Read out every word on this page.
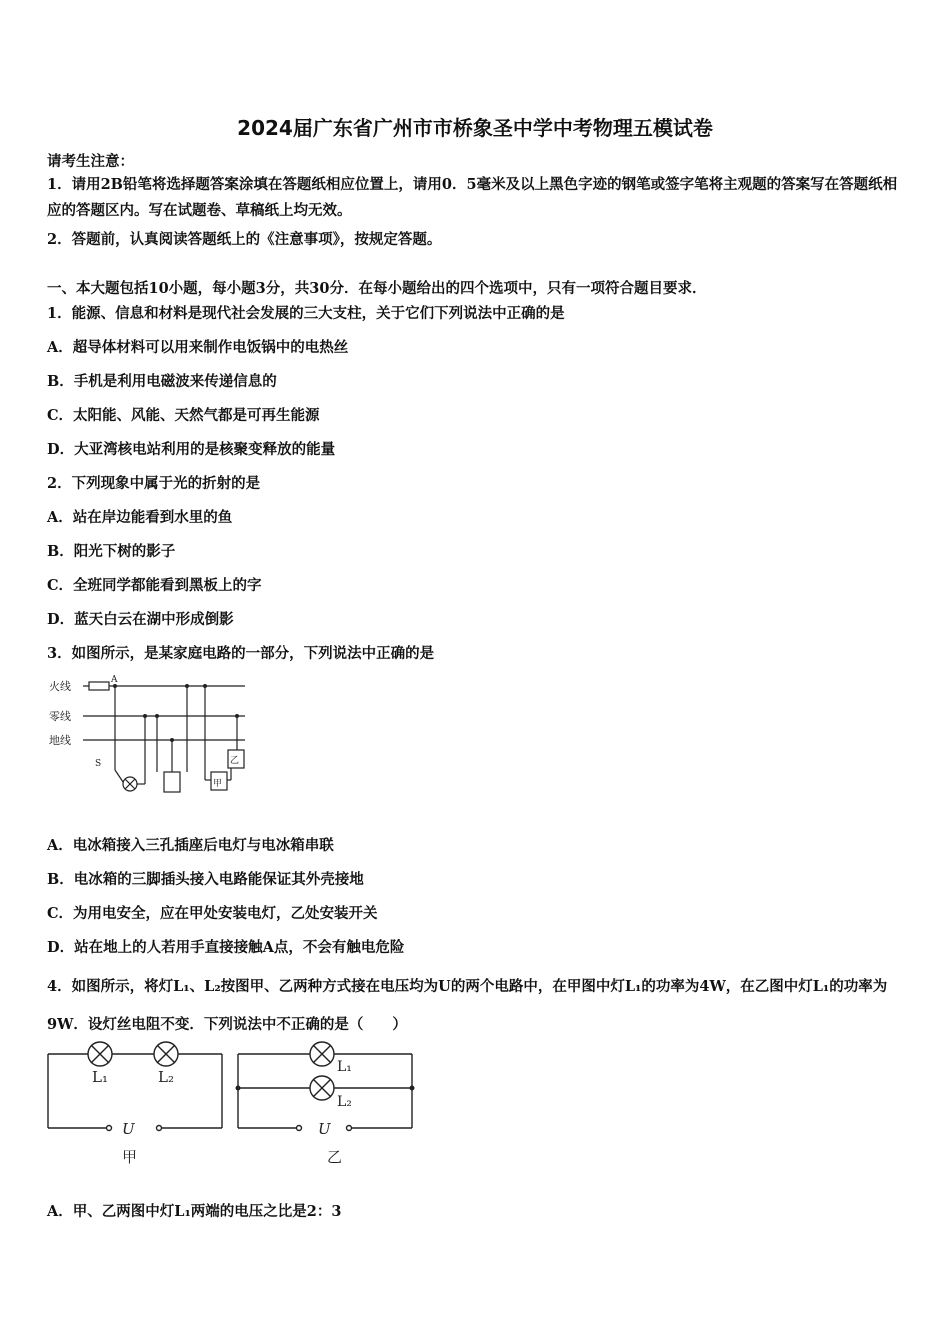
2024届广东省广州市市桥象圣中学中考物理五模试卷
请考生注意：
1．请用2B铅笔将选择题答案涂填在答题纸相应位置上，请用0．5毫米及以上黑色字迹的钢笔或签字笔将主观题的答案写在答题纸相应的答题区内。写在试题卷、草稿纸上均无效。
2．答题前，认真阅读答题纸上的《注意事项》，按规定答题。
一、本大题包括10小题，每小题3分，共30分．在每小题给出的四个选项中，只有一项符合题目要求．
1．能源、信息和材料是现代社会发展的三大支柱，关于它们下列说法中正确的是
A．超导体材料可以用来制作电饭锅中的电热丝
B．手机是利用电磁波来传递信息的
C．太阳能、风能、天然气都是可再生能源
D．大亚湾核电站利用的是核聚变释放的能量
2．下列现象中属于光的折射的是
A．站在岸边能看到水里的鱼
B．阳光下树的影子
C．全班同学都能看到黑板上的字
D．蓝天白云在湖中形成倒影
3．如图所示，是某家庭电路的一部分，下列说法中正确的是
火线
零线
地线
A
S
甲
乙
A．电冰箱接入三孔插座后电灯与电冰箱串联
B．电冰箱的三脚插头接入电路能保证其外壳接地
C．为用电安全，应在甲处安装电灯，乙处安装开关
D．站在地上的人若用手直接接触A点，不会有触电危险
4．如图所示，将灯L₁、L₂按图甲、乙两种方式接在电压均为U的两个电路中，在甲图中灯L₁的功率为4W，在乙图中灯L₁的功率为9W．设灯丝电阻不变．下列说法中不正确的是（　　）
L₁	L₂
U
甲
L₁
L₂
U
乙
A．甲、乙两图中灯L₁两端的电压之比是2：3
